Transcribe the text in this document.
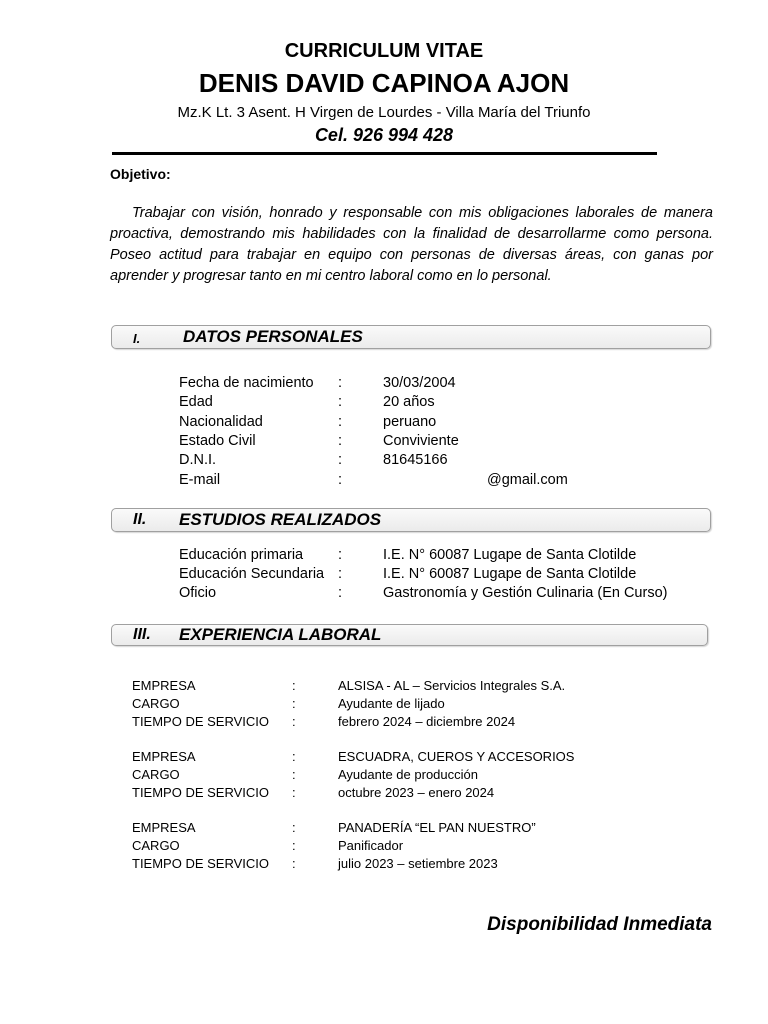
CURRICULUM VITAE
DENIS DAVID CAPINOA AJON
Mz.K Lt. 3 Asent. H Virgen de Lourdes - Villa María del Triunfo
Cel. 926 994 428
Objetivo:
Trabajar con visión, honrado y responsable con mis obligaciones laborales de manera proactiva, demostrando mis habilidades con la finalidad de desarrollarme como persona. Poseo actitud para trabajar en equipo con personas de diversas áreas, con ganas por aprender y progresar tanto en mi centro laboral como en lo personal.
I.	DATOS PERSONALES
Fecha de nacimiento :	30/03/2004
Edad	:	20 años
Nacionalidad	:	peruano
Estado Civil	:	Conviviente
D.N.I.	:	81645166
E-mail	:	@gmail.com
II. ESTUDIOS REALIZADOS
Educación primaria :	I.E. N° 60087 Lugape de Santa Clotilde
Educación Secundaria :	I.E. N° 60087 Lugape de Santa Clotilde
Oficio	:	Gastronomía y Gestión Culinaria (En Curso)
III. EXPERIENCIA LABORAL
EMPRESA	:	ALSISA - AL – Servicios Integrales S.A.
CARGO	:	Ayudante de lijado
TIEMPO DE SERVICIO :	febrero 2024 – diciembre 2024
EMPRESA	:	ESCUADRA, CUEROS Y ACCESORIOS
CARGO	:	Ayudante de producción
TIEMPO DE SERVICIO :	octubre 2023 – enero 2024
EMPRESA	:	PANADERÍA “EL PAN NUESTRO”
CARGO	:	Panificador
TIEMPO DE SERVICIO :	julio 2023 – setiembre 2023
Disponibilidad Inmediata
